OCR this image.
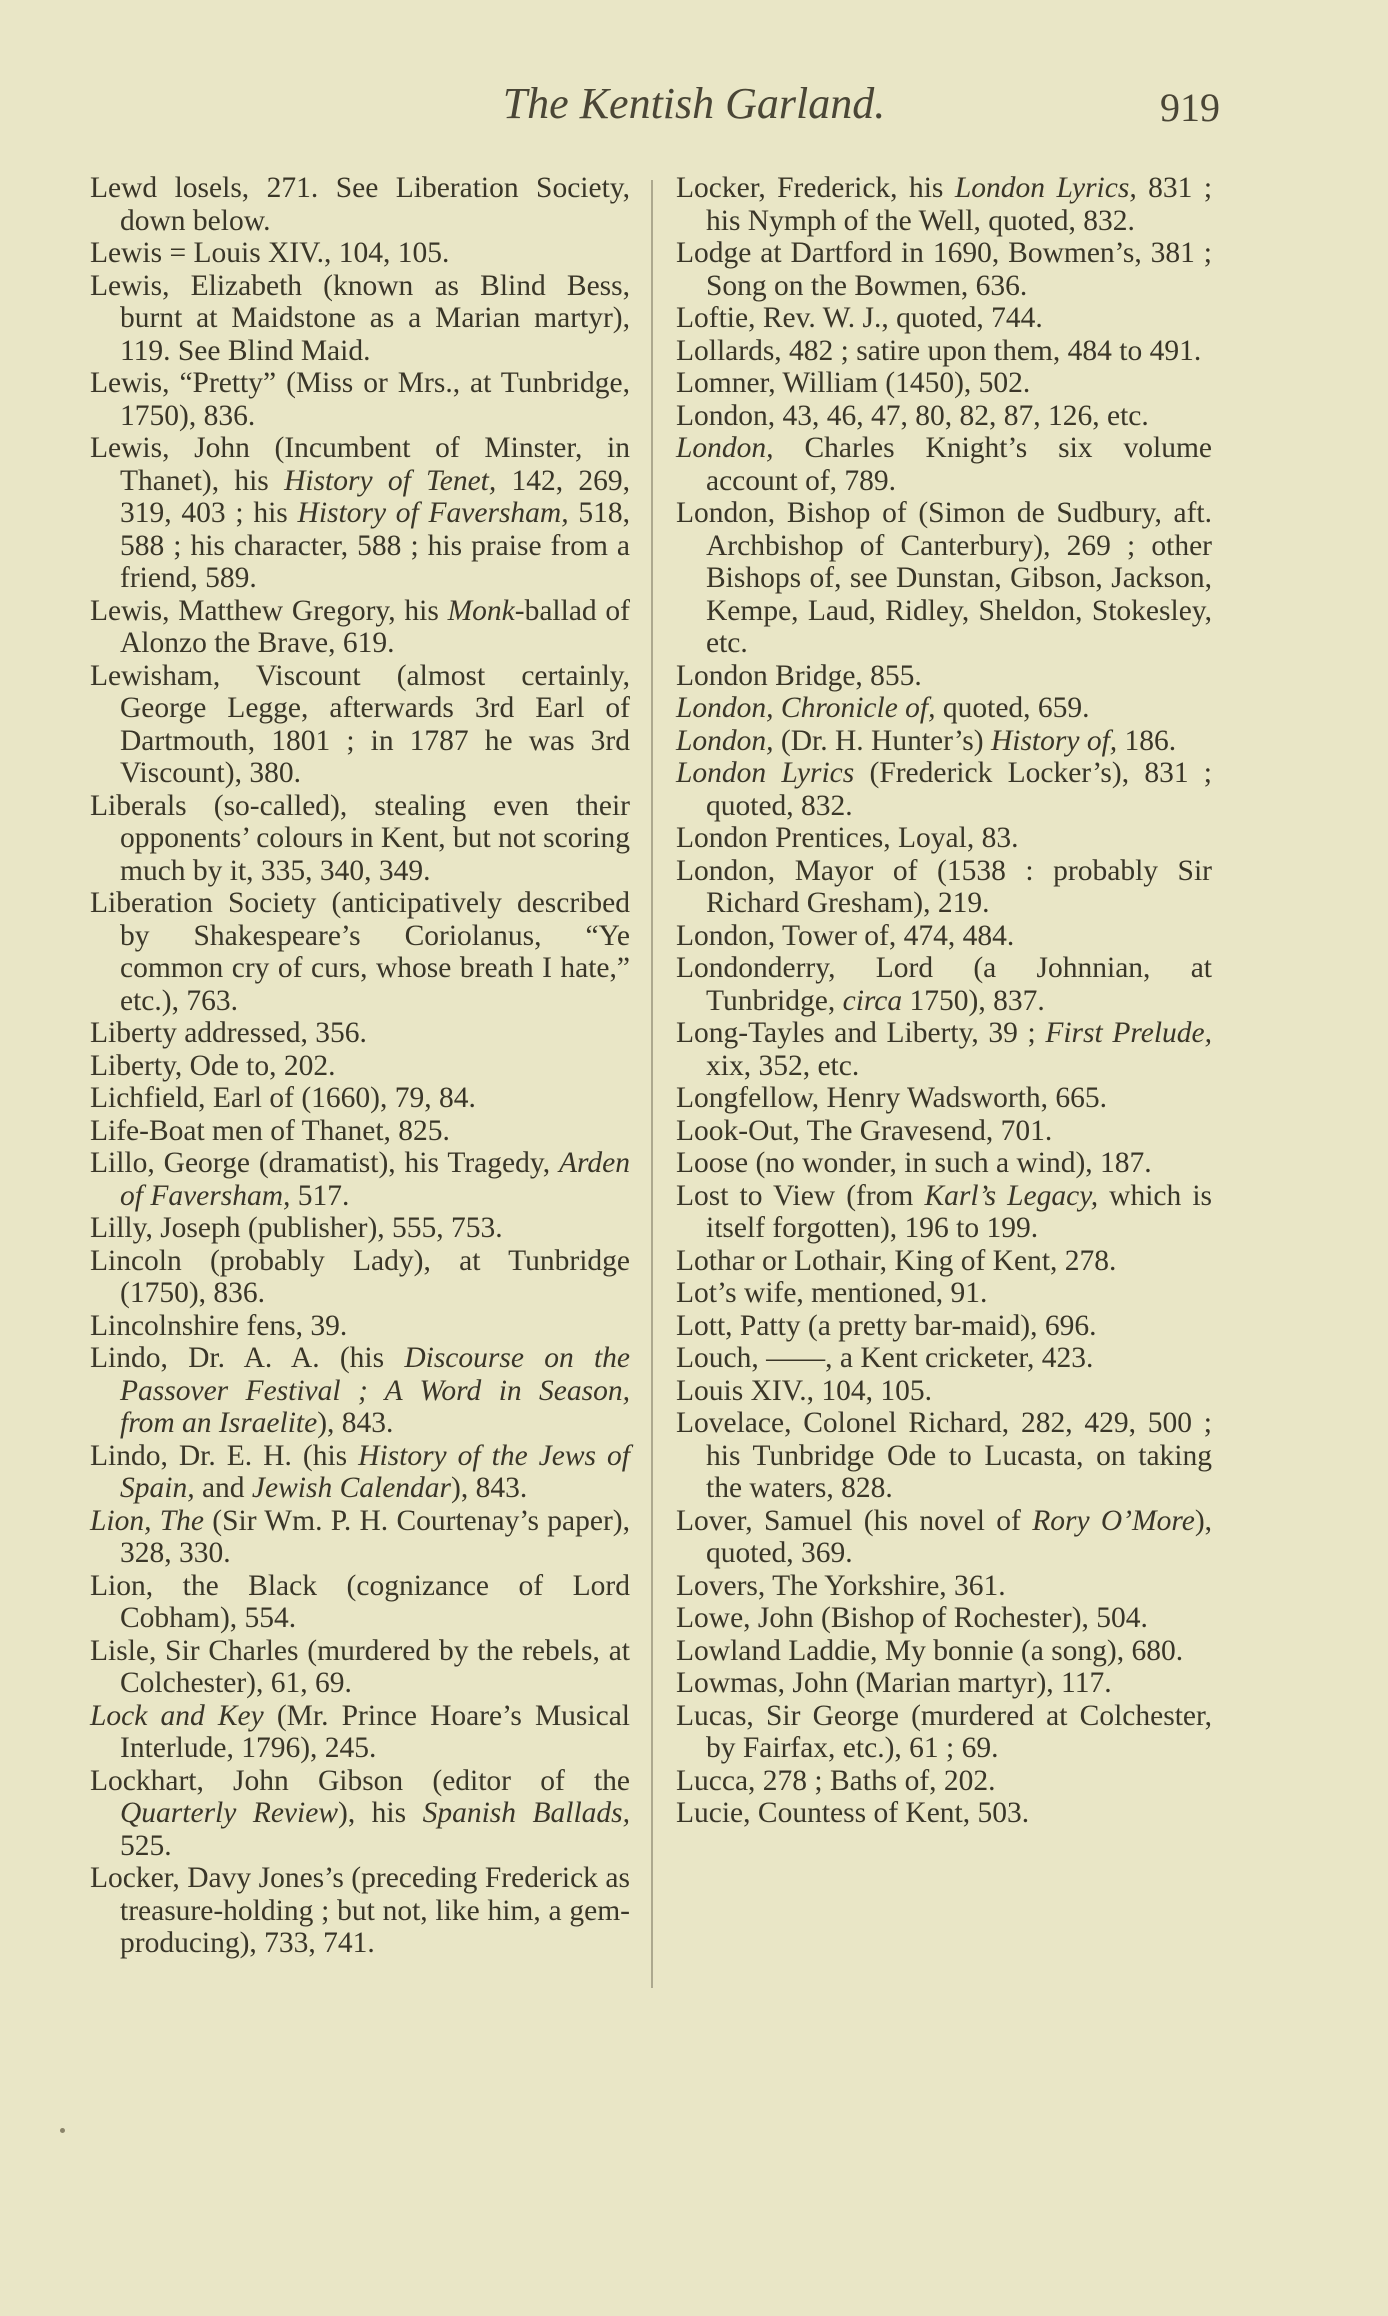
The Kentish Garland.	919

Lewd losels, 271. See Liberation Society, down below.

Lewis = Louis XIV., 104, 105.

Lewis, Elizabeth (known as Blind Bess, burnt at Maidstone as a Marian martyr), 119. See Blind Maid.

Lewis, “Pretty” (Miss or Mrs., at Tunbridge, 1750), 836.

Lewis, John (Incumbent of Minster, in Thanet), his History of Tenet, 142, 269, 319, 403 ; his History of Faversham, 518, 588 ; his character, 588 ; his praise from a friend, 589.

Lewis, Matthew Gregory, his Monk-ballad of Alonzo the Brave, 619.

Lewisham, Viscount (almost certainly, George Legge, afterwards 3rd Earl of Dartmouth, 1801 ; in 1787 he was 3rd Viscount), 380.

Liberals (so-called), stealing even their opponents’ colours in Kent, but not scoring much by it, 335, 340, 349.

Liberation Society (anticipatively described by Shakespeare’s Coriolanus, “Ye common cry of curs, whose breath I hate,” etc.), 763.

Liberty addressed, 356.

Liberty, Ode to, 202.

Lichfield, Earl of (1660), 79, 84.

Life-Boat men of Thanet, 825.

Lillo, George (dramatist), his Tragedy, Arden of Faversham, 517.

Lilly, Joseph (publisher), 555, 753.

Lincoln (probably Lady), at Tunbridge (1750), 836.

Lincolnshire fens, 39.

Lindo, Dr. A. A. (his Discourse on the Passover Festival ; A Word in Season, from an Israelite), 843.

Lindo, Dr. E. H. (his History of the Jews of Spain, and Jewish Calendar), 843.

Lion, The (Sir Wm. P. H. Courtenay’s paper), 328, 330.

Lion, the Black (cognizance of Lord Cobham), 554.

Lisle, Sir Charles (murdered by the rebels, at Colchester), 61, 69.

Lock and Key (Mr. Prince Hoare’s Musical Interlude, 1796), 245.

Lockhart, John Gibson (editor of the Quarterly Review), his Spanish Ballads, 525.

Locker, Davy Jones’s (preceding Frederick as treasure-holding ; but not, like him, a gem-producing), 733, 741.

Locker, Frederick, his London Lyrics, 831 ; his Nymph of the Well, quoted, 832.

Lodge at Dartford in 1690, Bowmen’s, 381 ; Song on the Bowmen, 636.

Loftie, Rev. W. J., quoted, 744.

Lollards, 482 ; satire upon them, 484 to 491.

Lomner, William (1450), 502.

London, 43, 46, 47, 80, 82, 87, 126, etc.

London, Charles Knight’s six volume account of, 789.

London, Bishop of (Simon de Sudbury, aft. Archbishop of Canterbury), 269 ; other Bishops of, see Dunstan, Gibson, Jackson, Kempe, Laud, Ridley, Sheldon, Stokesley, etc.

London Bridge, 855.

London, Chronicle of, quoted, 659.

London, (Dr. H. Hunter’s) History of, 186.

London Lyrics (Frederick Locker’s), 831 ; quoted, 832.

London Prentices, Loyal, 83.

London, Mayor of (1538 : probably Sir Richard Gresham), 219.

London, Tower of, 474, 484.

Londonderry, Lord (a Johnnian, at Tunbridge, circa 1750), 837.

Long-Tayles and Liberty, 39 ; First Prelude, xix, 352, etc.

Longfellow, Henry Wadsworth, 665.

Look-Out, The Gravesend, 701.

Loose (no wonder, in such a wind), 187.

Lost to View (from Karl’s Legacy, which is itself forgotten), 196 to 199.

Lothar or Lothair, King of Kent, 278.

Lot’s wife, mentioned, 91.

Lott, Patty (a pretty bar-maid), 696.

Louch, ——, a Kent cricketer, 423.

Louis XIV., 104, 105.

Lovelace, Colonel Richard, 282, 429, 500 ; his Tunbridge Ode to Lucasta, on taking the waters, 828.

Lover, Samuel (his novel of Rory O’More), quoted, 369.

Lovers, The Yorkshire, 361.

Lowe, John (Bishop of Rochester), 504.

Lowland Laddie, My bonnie (a song), 680.

Lowmas, John (Marian martyr), 117.

Lucas, Sir George (murdered at Colchester, by Fairfax, etc.), 61 ; 69.

Lucca, 278 ; Baths of, 202.

Lucie, Countess of Kent, 503.
